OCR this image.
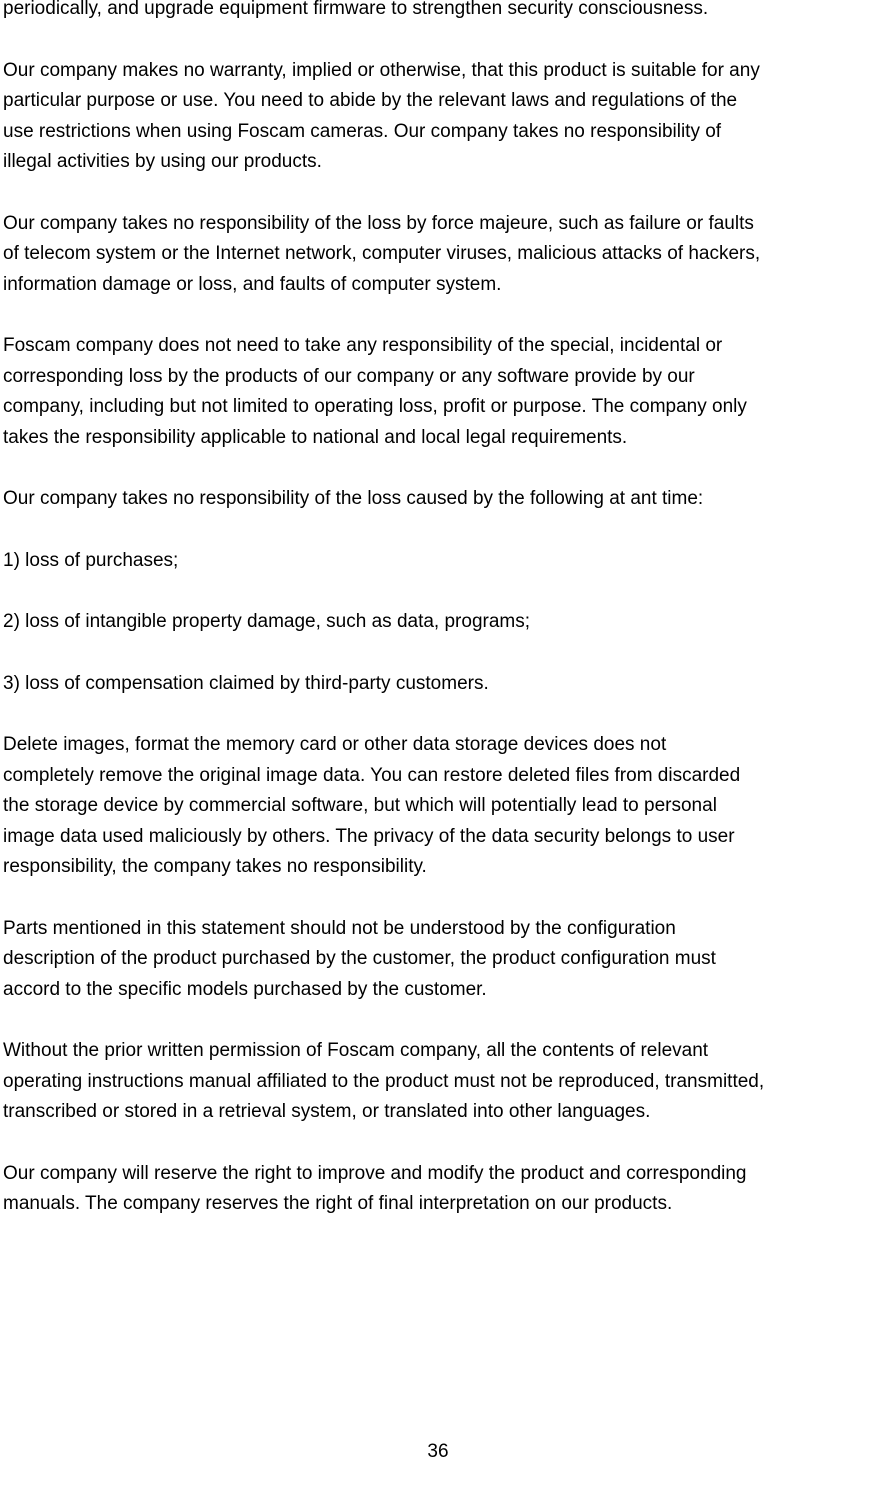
periodically, and upgrade equipment firmware to strengthen security consciousness.

Our company makes no warranty, implied or otherwise, that this product is suitable for any
particular purpose or use. You need to abide by the relevant laws and regulations of the
use restrictions when using Foscam cameras. Our company takes no responsibility of
illegal activities by using our products.

Our company takes no responsibility of the loss by force majeure, such as failure or faults
of telecom system or the Internet network, computer viruses, malicious attacks of hackers,
information damage or loss, and faults of computer system.

Foscam company does not need to take any responsibility of the special, incidental or
corresponding loss by the products of our company or any software provide by our
company, including but not limited to operating loss, profit or purpose. The company only
takes the responsibility applicable to national and local legal requirements.

Our company takes no responsibility of the loss caused by the following at ant time:

1) loss of purchases;

2) loss of intangible property damage, such as data, programs;

3) loss of compensation claimed by third-party customers.

Delete images, format the memory card or other data storage devices does not
completely remove the original image data. You can restore deleted files from discarded
the storage device by commercial software, but which will potentially lead to personal
image data used maliciously by others. The privacy of the data security belongs to user
responsibility, the company takes no responsibility.

Parts mentioned in this statement should not be understood by the configuration
description of the product purchased by the customer, the product configuration must
accord to the specific models purchased by the customer.

Without the prior written permission of Foscam company, all the contents of relevant
operating instructions manual affiliated to the product must not be reproduced, transmitted,
transcribed or stored in a retrieval system, or translated into other languages.

Our company will reserve the right to improve and modify the product and corresponding
manuals. The company reserves the right of final interpretation on our products.

36
